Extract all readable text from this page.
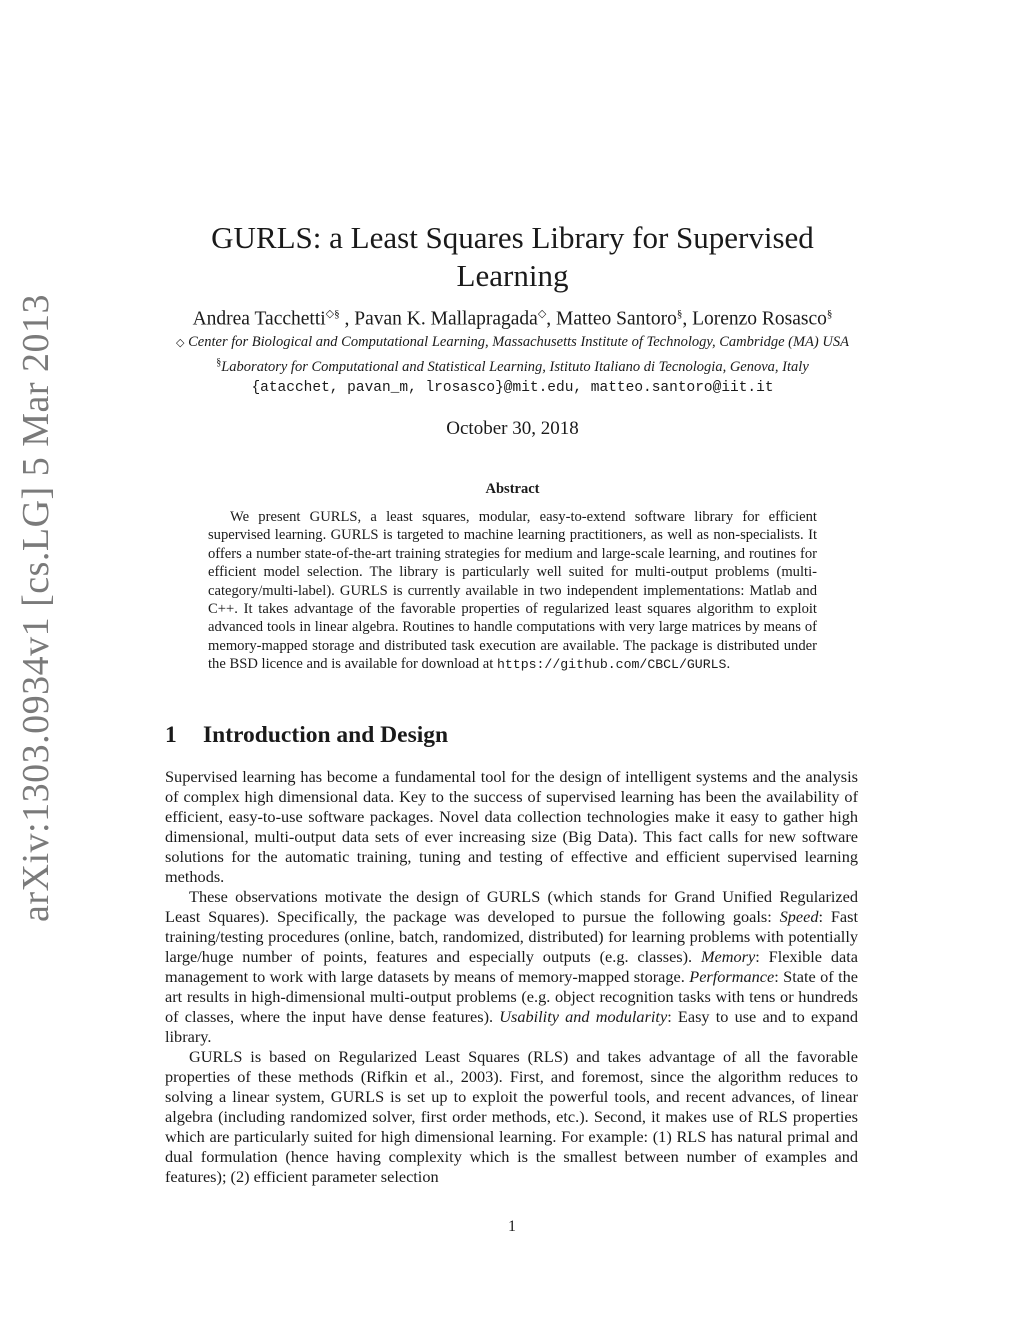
arXiv:1303.0934v1 [cs.LG] 5 Mar 2013
GURLS: a Least Squares Library for Supervised Learning
Andrea Tacchetti◇§ , Pavan K. Mallapragada◇, Matteo Santoro§, Lorenzo Rosasco§
◇ Center for Biological and Computational Learning, Massachusetts Institute of Technology, Cambridge (MA) USA
§Laboratory for Computational and Statistical Learning, Istituto Italiano di Tecnologia, Genova, Italy
{atacchet, pavan_m, lrosasco}@mit.edu, matteo.santoro@iit.it
October 30, 2018
Abstract

We present GURLS, a least squares, modular, easy-to-extend software library for efficient supervised learning. GURLS is targeted to machine learning practitioners, as well as non-specialists. It offers a number state-of-the-art training strategies for medium and large-scale learning, and routines for efficient model selection. The library is particularly well suited for multi-output problems (multi-category/multi-label). GURLS is currently available in two independent implementations: Matlab and C++. It takes advantage of the favorable properties of regularized least squares algorithm to exploit advanced tools in linear algebra. Routines to handle computations with very large matrices by means of memory-mapped storage and distributed task execution are available. The package is distributed under the BSD licence and is available for download at https://github.com/CBCL/GURLS.

1 Introduction and Design

Supervised learning has become a fundamental tool for the design of intelligent systems and the analysis of complex high dimensional data. Key to the success of supervised learning has been the availability of efficient, easy-to-use software packages. Novel data collection technologies make it easy to gather high dimensional, multi-output data sets of ever increasing size (Big Data). This fact calls for new software solutions for the automatic training, tuning and testing of effective and efficient supervised learning methods.

These observations motivate the design of GURLS (which stands for Grand Unified Regularized Least Squares). Specifically, the package was developed to pursue the following goals: Speed: Fast training/testing procedures (online, batch, randomized, distributed) for learning problems with potentially large/huge number of points, features and especially outputs (e.g. classes). Memory: Flexible data management to work with large datasets by means of memory-mapped storage. Performance: State of the art results in high-dimensional multi-output problems (e.g. object recognition tasks with tens or hundreds of classes, where the input have dense features). Usability and modularity: Easy to use and to expand library.

GURLS is based on Regularized Least Squares (RLS) and takes advantage of all the favorable properties of these methods (Rifkin et al., 2003). First, and foremost, since the algorithm reduces to solving a linear system, GURLS is set up to exploit the powerful tools, and recent advances, of linear algebra (including randomized solver, first order methods, etc.). Second, it makes use of RLS properties which are particularly suited for high dimensional learning. For example: (1) RLS has natural primal and dual formulation (hence having complexity which is the smallest between number of examples and features); (2) efficient parameter selection

1
